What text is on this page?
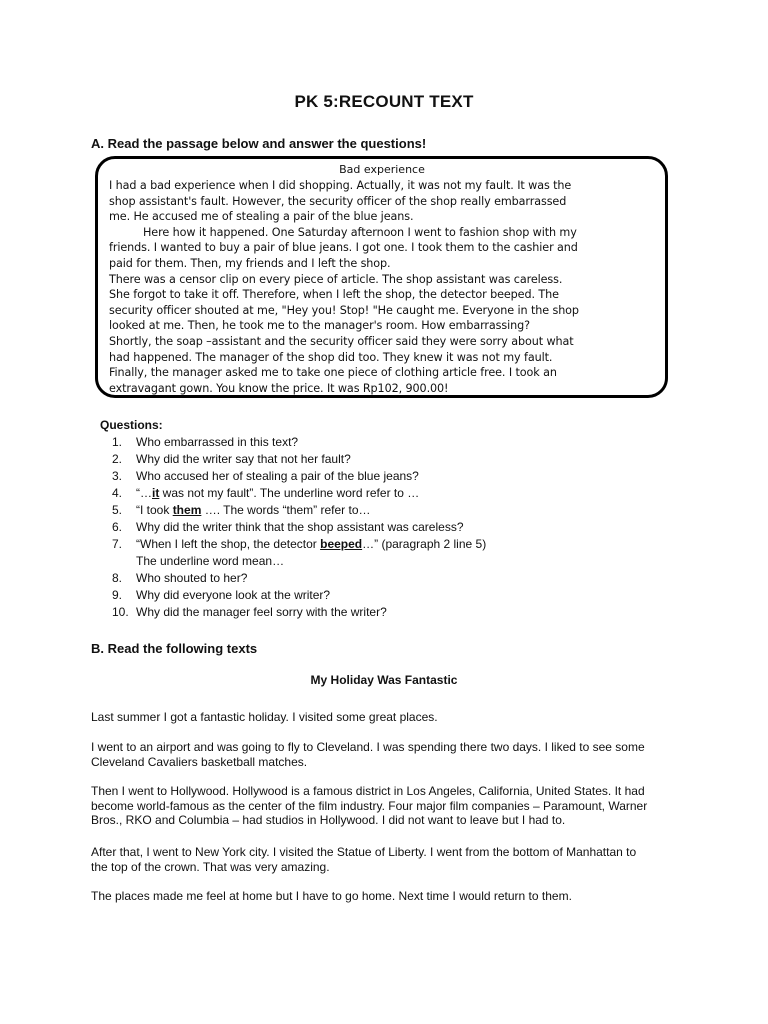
PK 5:RECOUNT TEXT
A. Read the passage below and answer the questions!
Bad experience
I had a bad experience when I did shopping. Actually, it was not my fault. It was the
shop assistant's fault. However, the security officer of the shop really embarrassed
me. He accused me of stealing a pair of the blue jeans.
Here how it happened. One Saturday afternoon I went to fashion shop with my
friends. I wanted to buy a pair of blue jeans. I got one. I took them to the cashier and
paid for them. Then, my friends and I left the shop.
There was a censor clip on every piece of article. The shop assistant was careless.
She forgot to take it off. Therefore, when I left the shop, the detector beeped. The
security officer shouted at me, "Hey you! Stop! "He caught me. Everyone in the shop
looked at me. Then, he took me to the manager's room. How embarrassing?
Shortly, the soap –assistant and the security officer said they were sorry about what
had happened. The manager of the shop did too. They knew it was not my fault.
Finally, the manager asked me to take one piece of clothing article free. I took an
extravagant gown. You know the price. It was Rp102, 900.00!
Questions:
1. Who embarrassed in this text?
2. Why did the writer say that not her fault?
3. Who accused her of stealing a pair of the blue jeans?
4. “…it was not my fault”. The underline word refer to …
5. “I took them …. The words “them” refer to…
6. Why did the writer think that the shop assistant was careless?
7. “When I left the shop, the detector beeped…” (paragraph 2 line 5)
The underline word mean…
8. Who shouted to her?
9. Why did everyone look at the writer?
10. Why did the manager feel sorry with the writer?
B. Read the following texts
My Holiday Was Fantastic
Last summer I got a fantastic holiday. I visited some great places.
I went to an airport and was going to fly to Cleveland. I was spending there two days. I liked to see some
Cleveland Cavaliers basketball matches.
Then I went to Hollywood. Hollywood is a famous district in Los Angeles, California, United States. It had
become world-famous as the center of the film industry. Four major film companies – Paramount, Warner
Bros., RKO and Columbia – had studios in Hollywood. I did not want to leave but I had to.
After that, I went to New York city. I visited the Statue of Liberty. I went from the bottom of Manhattan to
the top of the crown. That was very amazing.
The places made me feel at home but I have to go home. Next time I would return to them.
